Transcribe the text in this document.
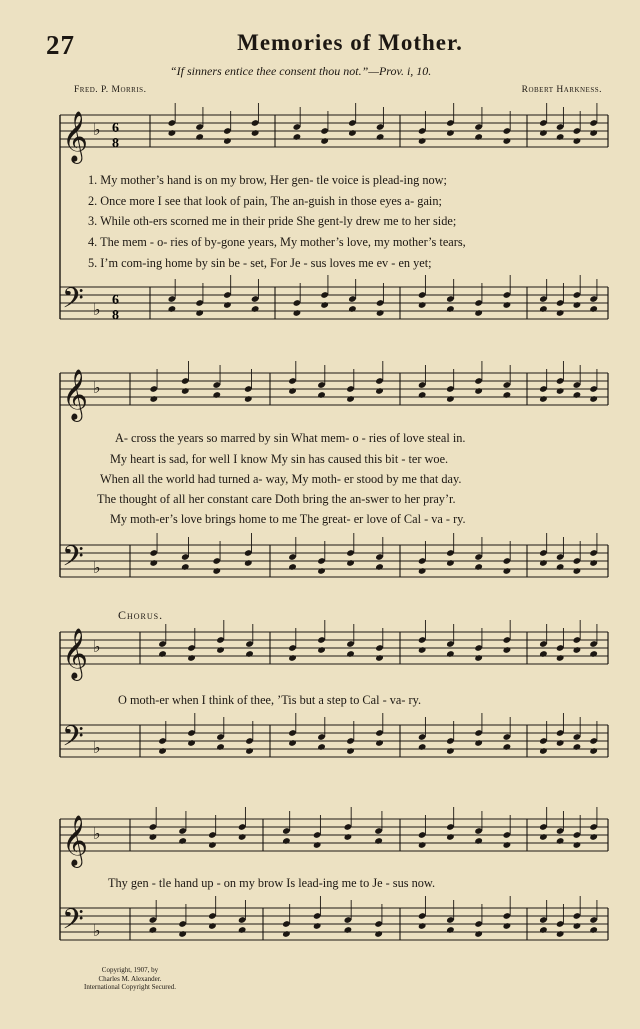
27	Memories of Mother.
“If sinners entice thee consent thou not.”—Prov. i, 10.
Fred. P. Morris.	Robert Harkness.
6
8
6
8
𝄞 ♭
𝄢 ♭
𝄞 ♭
𝄢 ♭
𝄞 ♭
𝄢 ♭
𝄞 ♭
𝄢 ♭
1. My mother’s hand is on my brow, Her gen- tle voice is plead-ing now;
2. Once more I see that look of pain, The an-guish in those eyes a- gain;
3. While oth-ers scorned me in their pride She gent-ly drew me to her side;
4. The mem - o- ries of by-gone years, My mother’s love, my mother’s tears,
5. I’m com-ing home by sin be - set, For Je - sus loves me ev - en yet;
A- cross the years so marred by sin What mem- o - ries of love steal in.
My heart is sad, for well I know My sin has caused this bit - ter woe.
When all the world had turned a- way, My moth- er stood by me that day.
The thought of all her constant care Doth bring the an-swer to her pray’r.
My moth-er’s love brings home to me The great- er love of Cal - va - ry.
Chorus.
O moth-er when I think of thee, ’Tis but a step to Cal - va- ry.
Thy gen - tle hand up - on my brow Is lead-ing me to Je - sus now.
Copyright, 1907, by
Charles M. Alexander.
International Copyright Secured.
